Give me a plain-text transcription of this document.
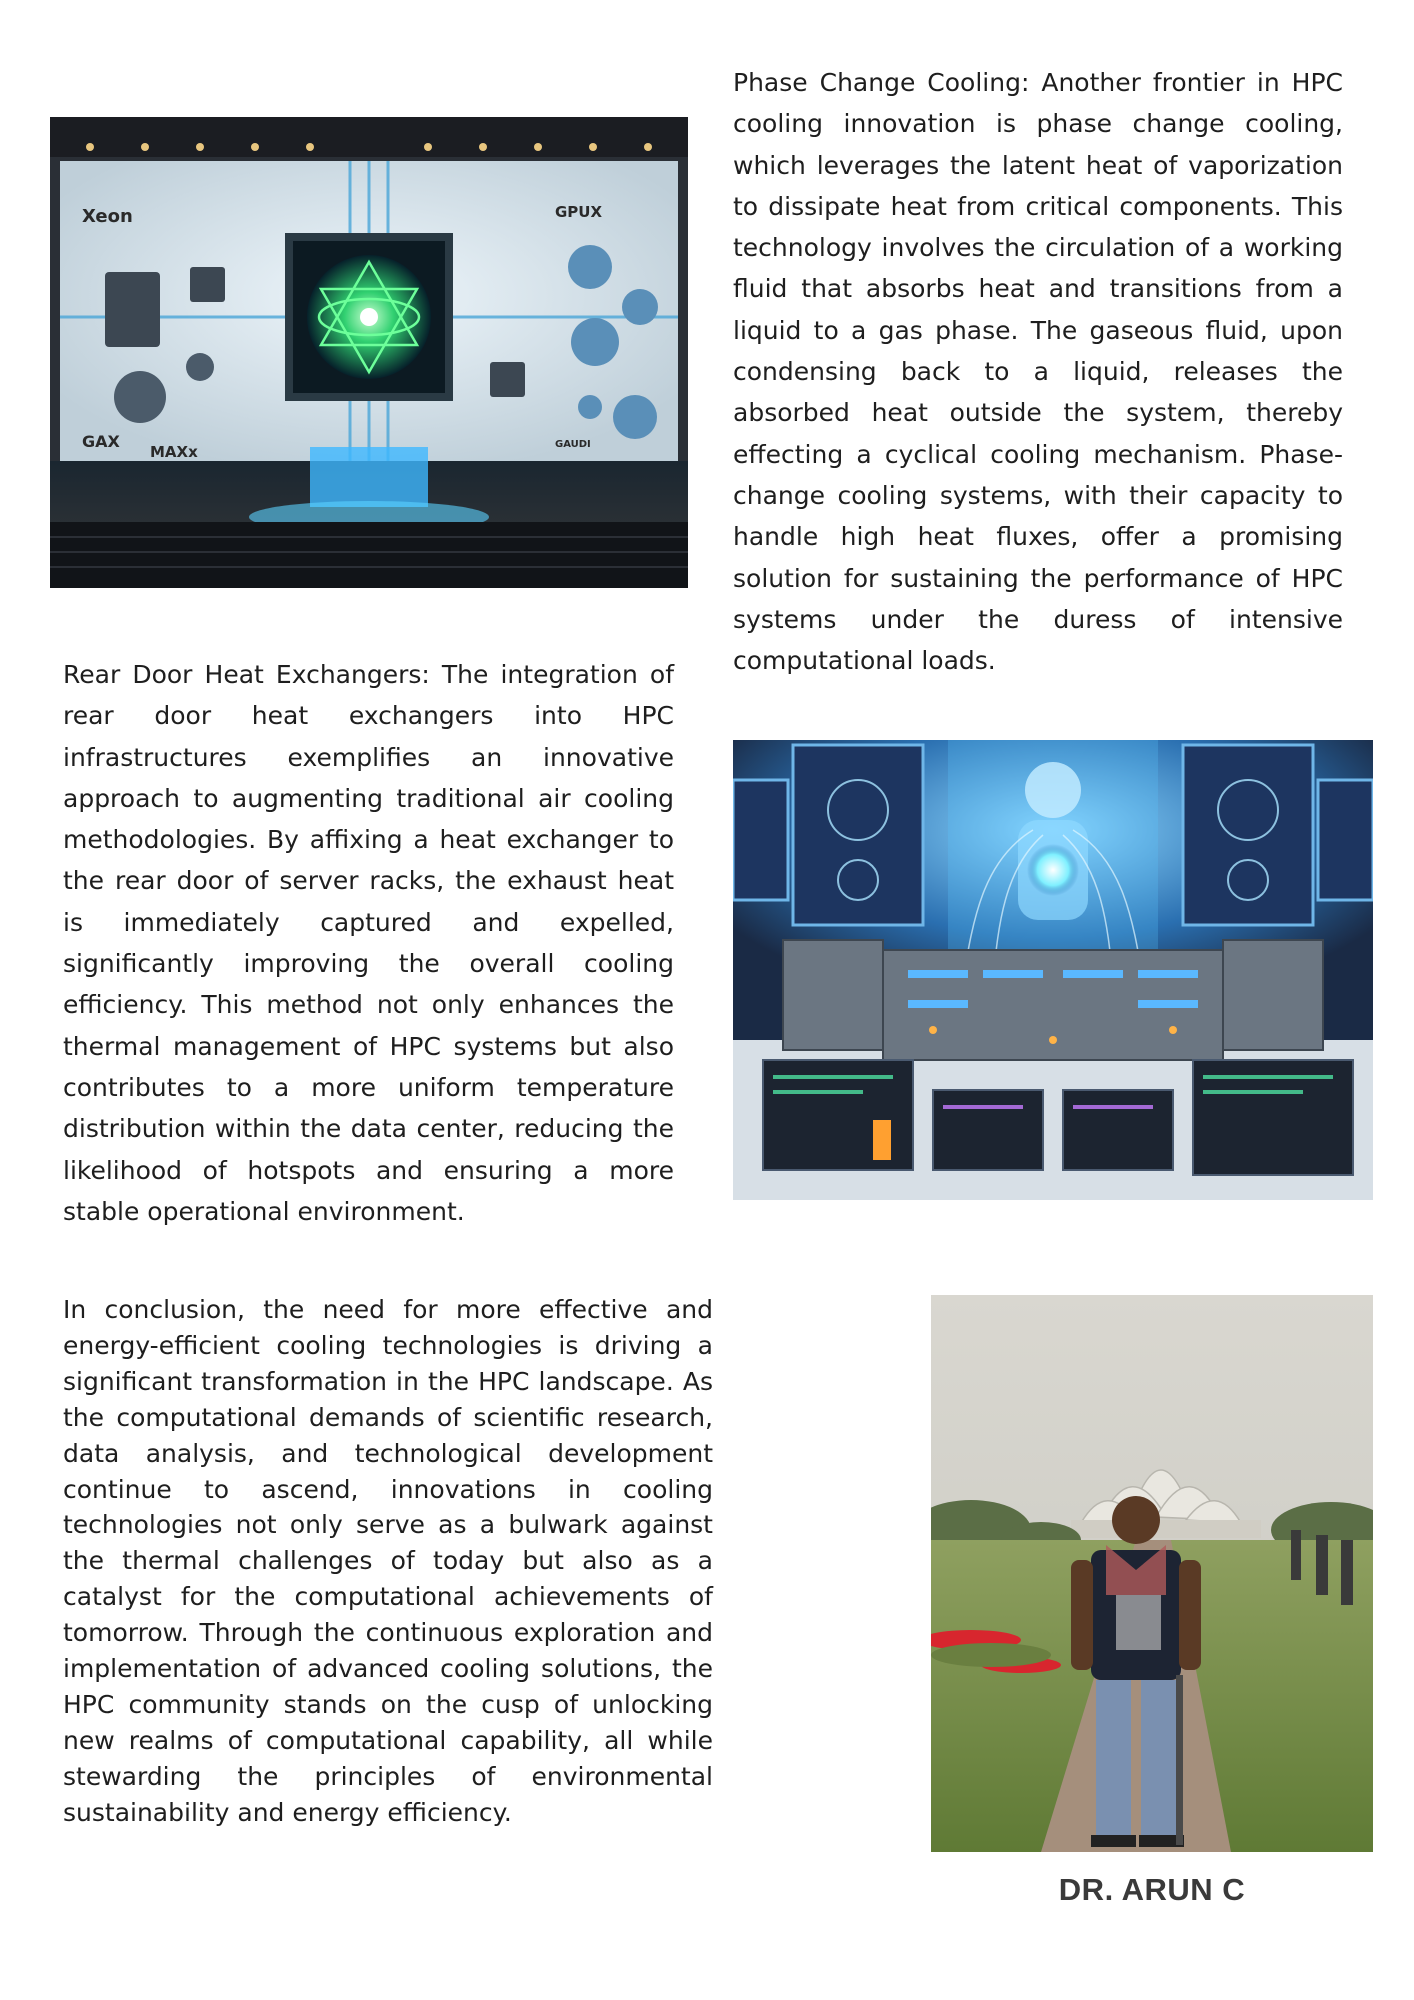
Phase Change Cooling: Another frontier in HPC cooling innovation is phase change cooling, which leverages the latent heat of vaporization to dissipate heat from critical components. This technology involves the circulation of a working fluid that absorbs heat and transitions from a liquid to a gas phase. The gaseous fluid, upon condensing back to a liquid, releases the absorbed heat outside the system, thereby effecting a cyclical cooling mechanism. Phase-change cooling systems, with their capacity to handle high heat fluxes, offer a promising solution for sustaining the performance of HPC systems under the duress of intensive computational loads.

Xeon	GPUX
GAX
MAXx	GAUDI

Rear Door Heat Exchangers: The integration of rear door heat exchangers into HPC infrastructures exemplifies an innovative approach to augmenting traditional air cooling methodologies. By affixing a heat exchanger to the rear door of server racks, the exhaust heat is immediately captured and expelled, significantly improving the overall cooling efficiency. This method not only enhances the thermal management of HPC systems but also contributes to a more uniform temperature distribution within the data center, reducing the likelihood of hotspots and ensuring a more stable operational environment.

In conclusion, the need for more effective and energy-efficient cooling technologies is driving a significant transformation in the HPC landscape. As the computational demands of scientific research, data analysis, and technological development continue to ascend, innovations in cooling technologies not only serve as a bulwark against the thermal challenges of today but also as a catalyst for the computational achievements of tomorrow. Through the continuous exploration and implementation of advanced cooling solutions, the HPC community stands on the cusp of unlocking new realms of computational capability, all while stewarding the principles of environmental sustainability and energy efficiency.

DR. ARUN C
